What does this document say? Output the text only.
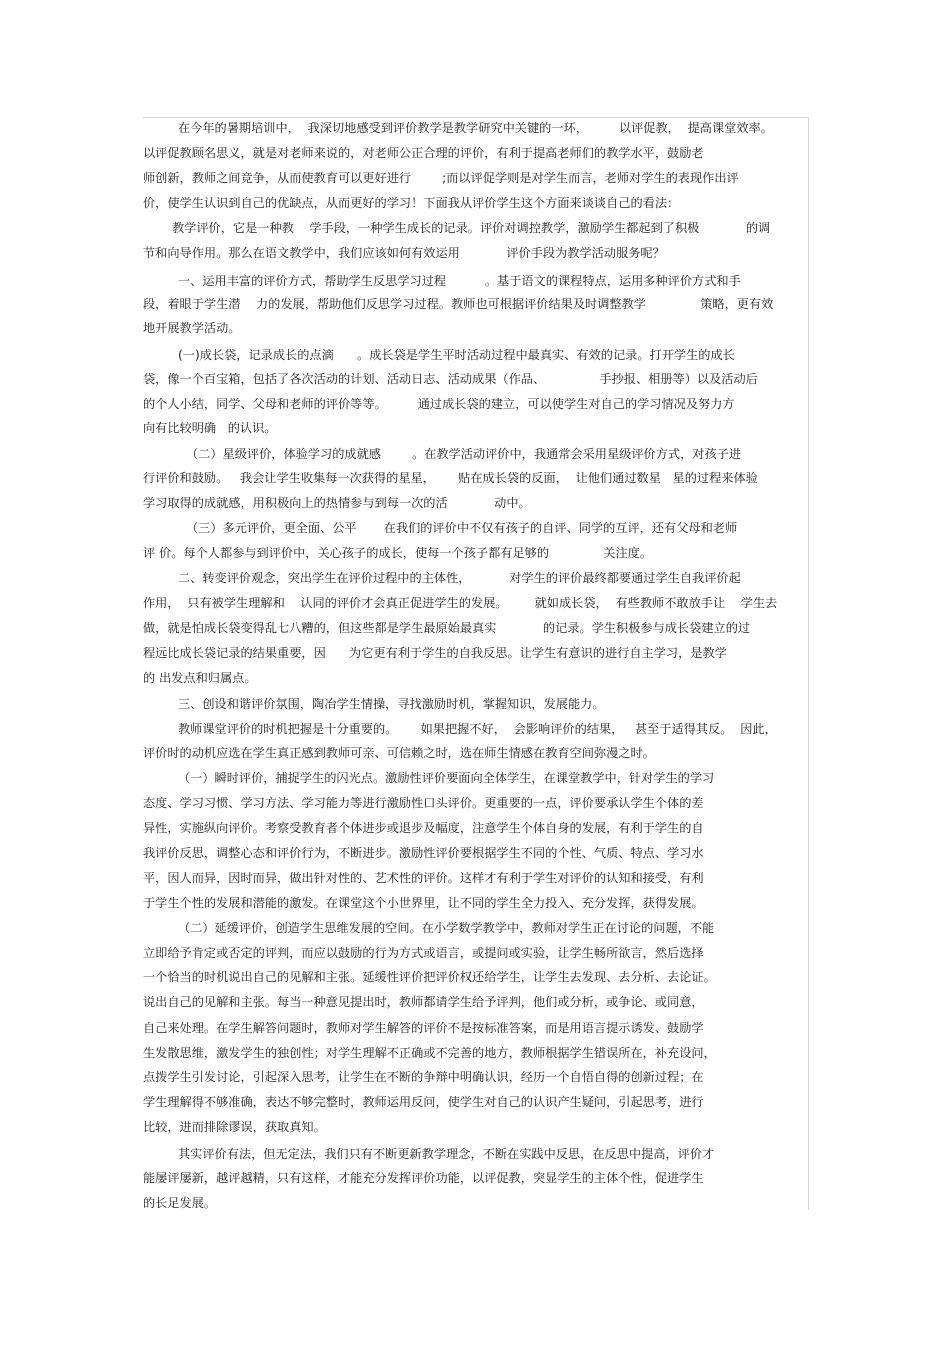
在今年的暑期培训中，  我深切地感受到评价教学是教学研究中关键的一环，        以评促教，  提高课堂效率。
以评促教顾名思义，就是对老师来说的，对老师公正合理的评价，有利于提高老师们的教学水平，鼓励老
师创新，教师之间竞争，从而使教育可以更好进行        ;而以评促学则是对学生而言，老师对学生的表现作出评
价，使学生认识到自己的优缺点，从而更好的学习！下面我从评价学生这个方面来谈谈自己的看法：
教学评价，它是一种教    学手段，一种学生成长的记录。评价对调控教学，激励学生都起到了积极            的调
节和向导作用。那么在语文教学中，我们应该如何有效运用            评价手段为教学活动服务呢？
一、运用丰富的评价方式，帮助学生反思学习过程          。基于语文的课程特点，运用多种评价方式和手
段，着眼于学生潜    力的发展，帮助他们反思学习过程。教师也可根据评价结果及时调整教学              策略，更有效
地开展教学活动。
(一)成长袋，记录成长的点滴      。成长袋是学生平时活动过程中最真实、有效的记录。打开学生的成长
袋，像一个百宝箱，包括了各次活动的计划、活动日志、活动成果（作品、              手抄报、相册等）以及活动后
的个人小结，同学、父母和老师的评价等等。        通过成长袋的建立，可以使学生对自己的学习情况及努力方
向有比较明确   的认识。
（二）星级评价，体验学习的成就感        。在教学活动评价中，我通常会采用星级评价方式，对孩子进
行评价和鼓励。   我会让学生收集每一次获得的星星，      贴在成长袋的反面，  让他们通过数星   星的过程来体验
学习取得的成就感，用积极向上的热情参与到每一次的活            动中。
（三）多元评价，更全面、公平       在我们的评价中不仅有孩子的自评、同学的互评，还有父母和老师
评 价。每个人都参与到评价中，关心孩子的成长，使每一个孩子都有足够的              关注度。
二、转变评价观念，突出学生在评价过程中的主体性，          对学生的评价最终都要通过学生自我评价起
作用，  只有被学生理解和    认同的评价才会真正促进学生的发展。       就如成长袋，  有些教师不敢放手让    学生去
做，就是怕成长袋变得乱七八糟的，但这些都是学生最原始最真实            的记录。学生积极参与成长袋建立的过
程远比成长袋记录的结果重要，因      为它更有利于学生的自我反思。让学生有意识的进行自主学习，是教学
的 出发点和归属点。
三、创设和谐评价氛围，陶冶学生情操，寻找激励时机，掌握知识，发展能力。
教师课堂评价的时机把握是十分重要的。      如果把握不好，  会影响评价的结果，   甚至于适得其反。  因此，
评价时的动机应选在学生真正感到教师可亲、可信赖之时，选在师生情感在教育空间弥漫之时。
（一）瞬时评价，捕捉学生的闪光点。激励性评价要面向全体学生，在课堂教学中，针对学生的学习
态度、学习习惯、学习方法、学习能力等进行激励性口头评价。更重要的一点，评价要承认学生个体的差
异性，实施纵向评价。考察受教育者个体进步或退步及幅度，注意学生个体自身的发展，有利于学生的自
我评价反思，调整心态和评价行为，不断进步。激励性评价要根据学生不同的个性、气质、特点、学习水
平，因人而异，因时而异，做出针对性的、艺术性的评价。这样才有利于学生对评价的认知和接受，有利
于学生个性的发展和潜能的激发。在课堂这个小世界里，让不同的学生全力投入、充分发挥，获得发展。
（二）延缓评价，创造学生思维发展的空间。在小学数学教学中，教师对学生正在讨论的问题，不能
立即给予肯定或否定的评判，而应以鼓励的行为方式或语言，或提问或实验，让学生畅所欲言，然后选择
一个恰当的时机说出自己的见解和主张。延缓性评价把评价权还给学生，让学生去发现、去分析、去论证。
说出自己的见解和主张。每当一种意见提出时，教师都请学生给予评判，他们或分析，或争论、或同意，
自己来处理。在学生解答问题时，教师对学生解答的评价不是按标准答案，而是用语言提示诱发、鼓励学
生发散思维，激发学生的独创性；对学生理解不正确或不完善的地方，教师根据学生错误所在，补充设问，
点拨学生引发讨论，引起深入思考，让学生在不断的争辩中明确认识，经历一个自悟自得的创新过程；在
学生理解得不够准确，表达不够完整时，教师运用反问，使学生对自己的认识产生疑问，引起思考，进行
比较，进而排除谬误，获取真知。
其实评价有法，但无定法，我们只有不断更新教学理念，不断在实践中反思，在反思中提高，评价才
能屡评屡新，越评越精，只有这样，才能充分发挥评价功能，以评促教，突显学生的主体个性，促进学生
的长足发展。
